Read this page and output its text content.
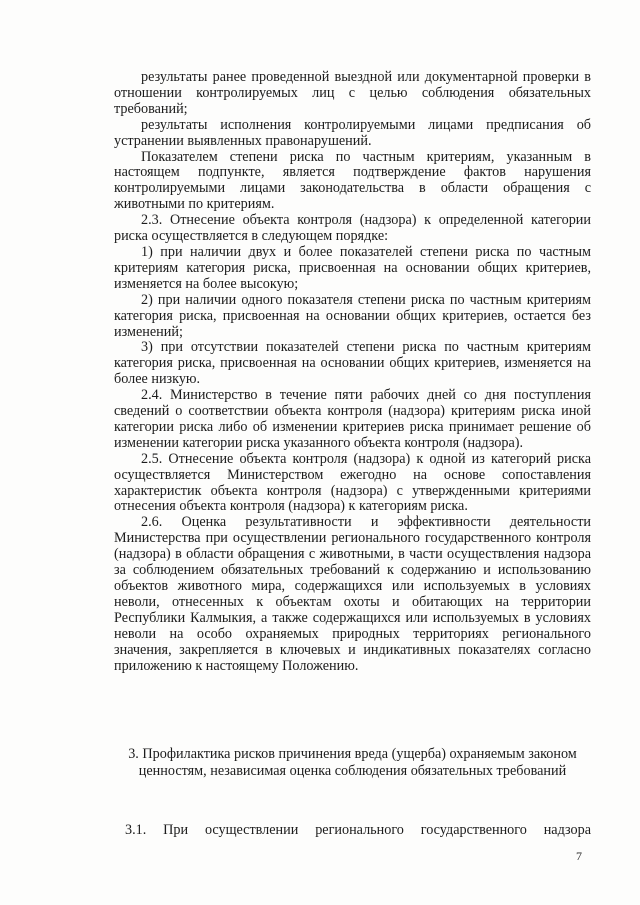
результаты ранее проведенной выездной или документарной проверки в отношении контролируемых лиц с целью соблюдения обязательных требований;

результаты исполнения контролируемыми лицами предписания об устранении выявленных правонарушений.

Показателем степени риска по частным критериям, указанным в настоящем подпункте, является подтверждение фактов нарушения контролируемыми лицами законодательства в области обращения с животными по критериям.

2.3. Отнесение объекта контроля (надзора) к определенной категории риска осуществляется в следующем порядке:

1) при наличии двух и более показателей степени риска по частным критериям категория риска, присвоенная на основании общих критериев, изменяется на более высокую;

2) при наличии одного показателя степени риска по частным критериям категория риска, присвоенная на основании общих критериев, остается без изменений;

3) при отсутствии показателей степени риска по частным критериям категория риска, присвоенная на основании общих критериев, изменяется на более низкую.

2.4. Министерство в течение пяти рабочих дней со дня поступления сведений о соответствии объекта контроля (надзора) критериям риска иной категории риска либо об изменении критериев риска принимает решение об изменении категории риска указанного объекта контроля (надзора).

2.5. Отнесение объекта контроля (надзора) к одной из категорий риска осуществляется Министерством ежегодно на основе сопоставления характеристик объекта контроля (надзора) с утвержденными критериями отнесения объекта контроля (надзора) к категориям риска.

2.6. Оценка результативности и эффективности деятельности Министерства при осуществлении регионального государственного контроля (надзора) в области обращения с животными, в части осуществления надзора за соблюдением обязательных требований к содержанию и использованию объектов животного мира, содержащихся или используемых в условиях неволи, отнесенных к объектам охоты и обитающих на территории Республики Калмыкия, а также содержащихся или используемых в условиях неволи на особо охраняемых природных территориях регионального значения, закрепляется в ключевых и индикативных показателях согласно приложению к настоящему Положению.

3. Профилактика рисков причинения вреда (ущерба) охраняемым законом ценностям, независимая оценка соблюдения обязательных требований

3.1. При осуществлении регионального государственного надзора

7
